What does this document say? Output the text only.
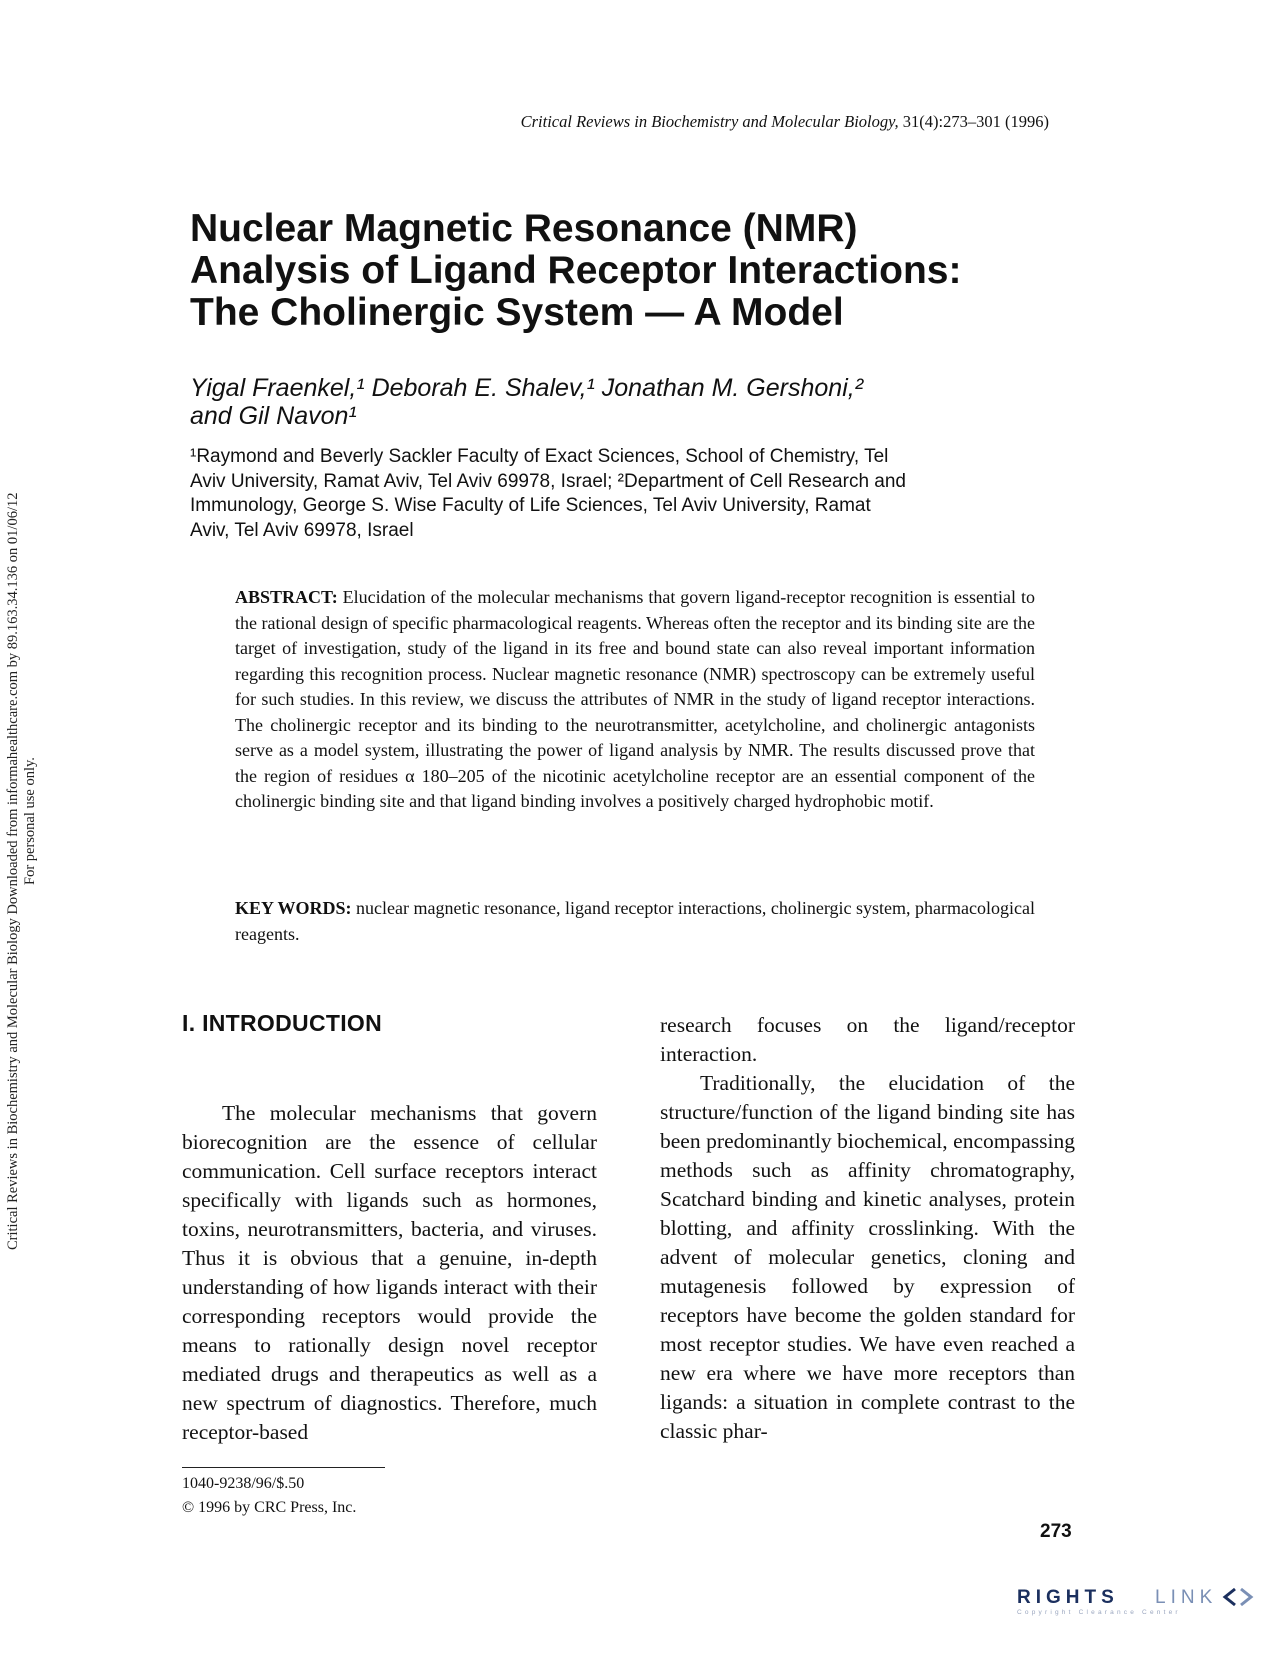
Critical Reviews in Biochemistry and Molecular Biology, 31(4):273–301 (1996)
Nuclear Magnetic Resonance (NMR)
Analysis of Ligand Receptor Interactions:
The Cholinergic System — A Model
Yigal Fraenkel,¹ Deborah E. Shalev,¹ Jonathan M. Gershoni,²
and Gil Navon¹
¹Raymond and Beverly Sackler Faculty of Exact Sciences, School of Chemistry, Tel
Aviv University, Ramat Aviv, Tel Aviv 69978, Israel; ²Department of Cell Research and
Immunology, George S. Wise Faculty of Life Sciences, Tel Aviv University, Ramat
Aviv, Tel Aviv 69978, Israel
ABSTRACT: Elucidation of the molecular mechanisms that govern ligand-receptor recognition is essential to the rational design of specific pharmacological reagents. Whereas often the receptor and its binding site are the target of investigation, study of the ligand in its free and bound state can also reveal important information regarding this recognition process. Nuclear magnetic resonance (NMR) spectroscopy can be extremely useful for such studies. In this review, we discuss the attributes of NMR in the study of ligand receptor interactions. The cholinergic receptor and its binding to the neurotransmitter, acetylcholine, and cholinergic antagonists serve as a model system, illustrating the power of ligand analysis by NMR. The results discussed prove that the region of residues α 180–205 of the nicotinic acetylcholine receptor are an essential component of the cholinergic binding site and that ligand binding involves a positively charged hydrophobic motif.
KEY WORDS: nuclear magnetic resonance, ligand receptor interactions, cholinergic system, pharmacological reagents.
I. INTRODUCTION

The molecular mechanisms that govern biorecognition are the essence of cellular communication. Cell surface receptors interact specifically with ligands such as hormones, toxins, neurotransmitters, bacteria, and viruses. Thus it is obvious that a genuine, in-depth understanding of how ligands interact with their corresponding receptors would provide the means to rationally design novel receptor mediated drugs and therapeutics as well as a new spectrum of diagnostics. Therefore, much receptor-based

research focuses on the ligand/receptor interaction.

Traditionally, the elucidation of the structure/function of the ligand binding site has been predominantly biochemical, encompassing methods such as affinity chromatography, Scatchard binding and kinetic analyses, protein blotting, and affinity crosslinking. With the advent of molecular genetics, cloning and mutagenesis followed by expression of receptors have become the golden standard for most receptor studies. We have even reached a new era where we have more receptors than ligands: a situation in complete contrast to the classic phar-

1040-9238/96/$.50
© 1996 by CRC Press, Inc.
273
Critical Reviews in Biochemistry and Molecular Biology Downloaded from informahealthcare.com by 89.163.34.136 on 01/06/12 For personal use only.
RIGHTS LINK
Copyright Clearance Center
